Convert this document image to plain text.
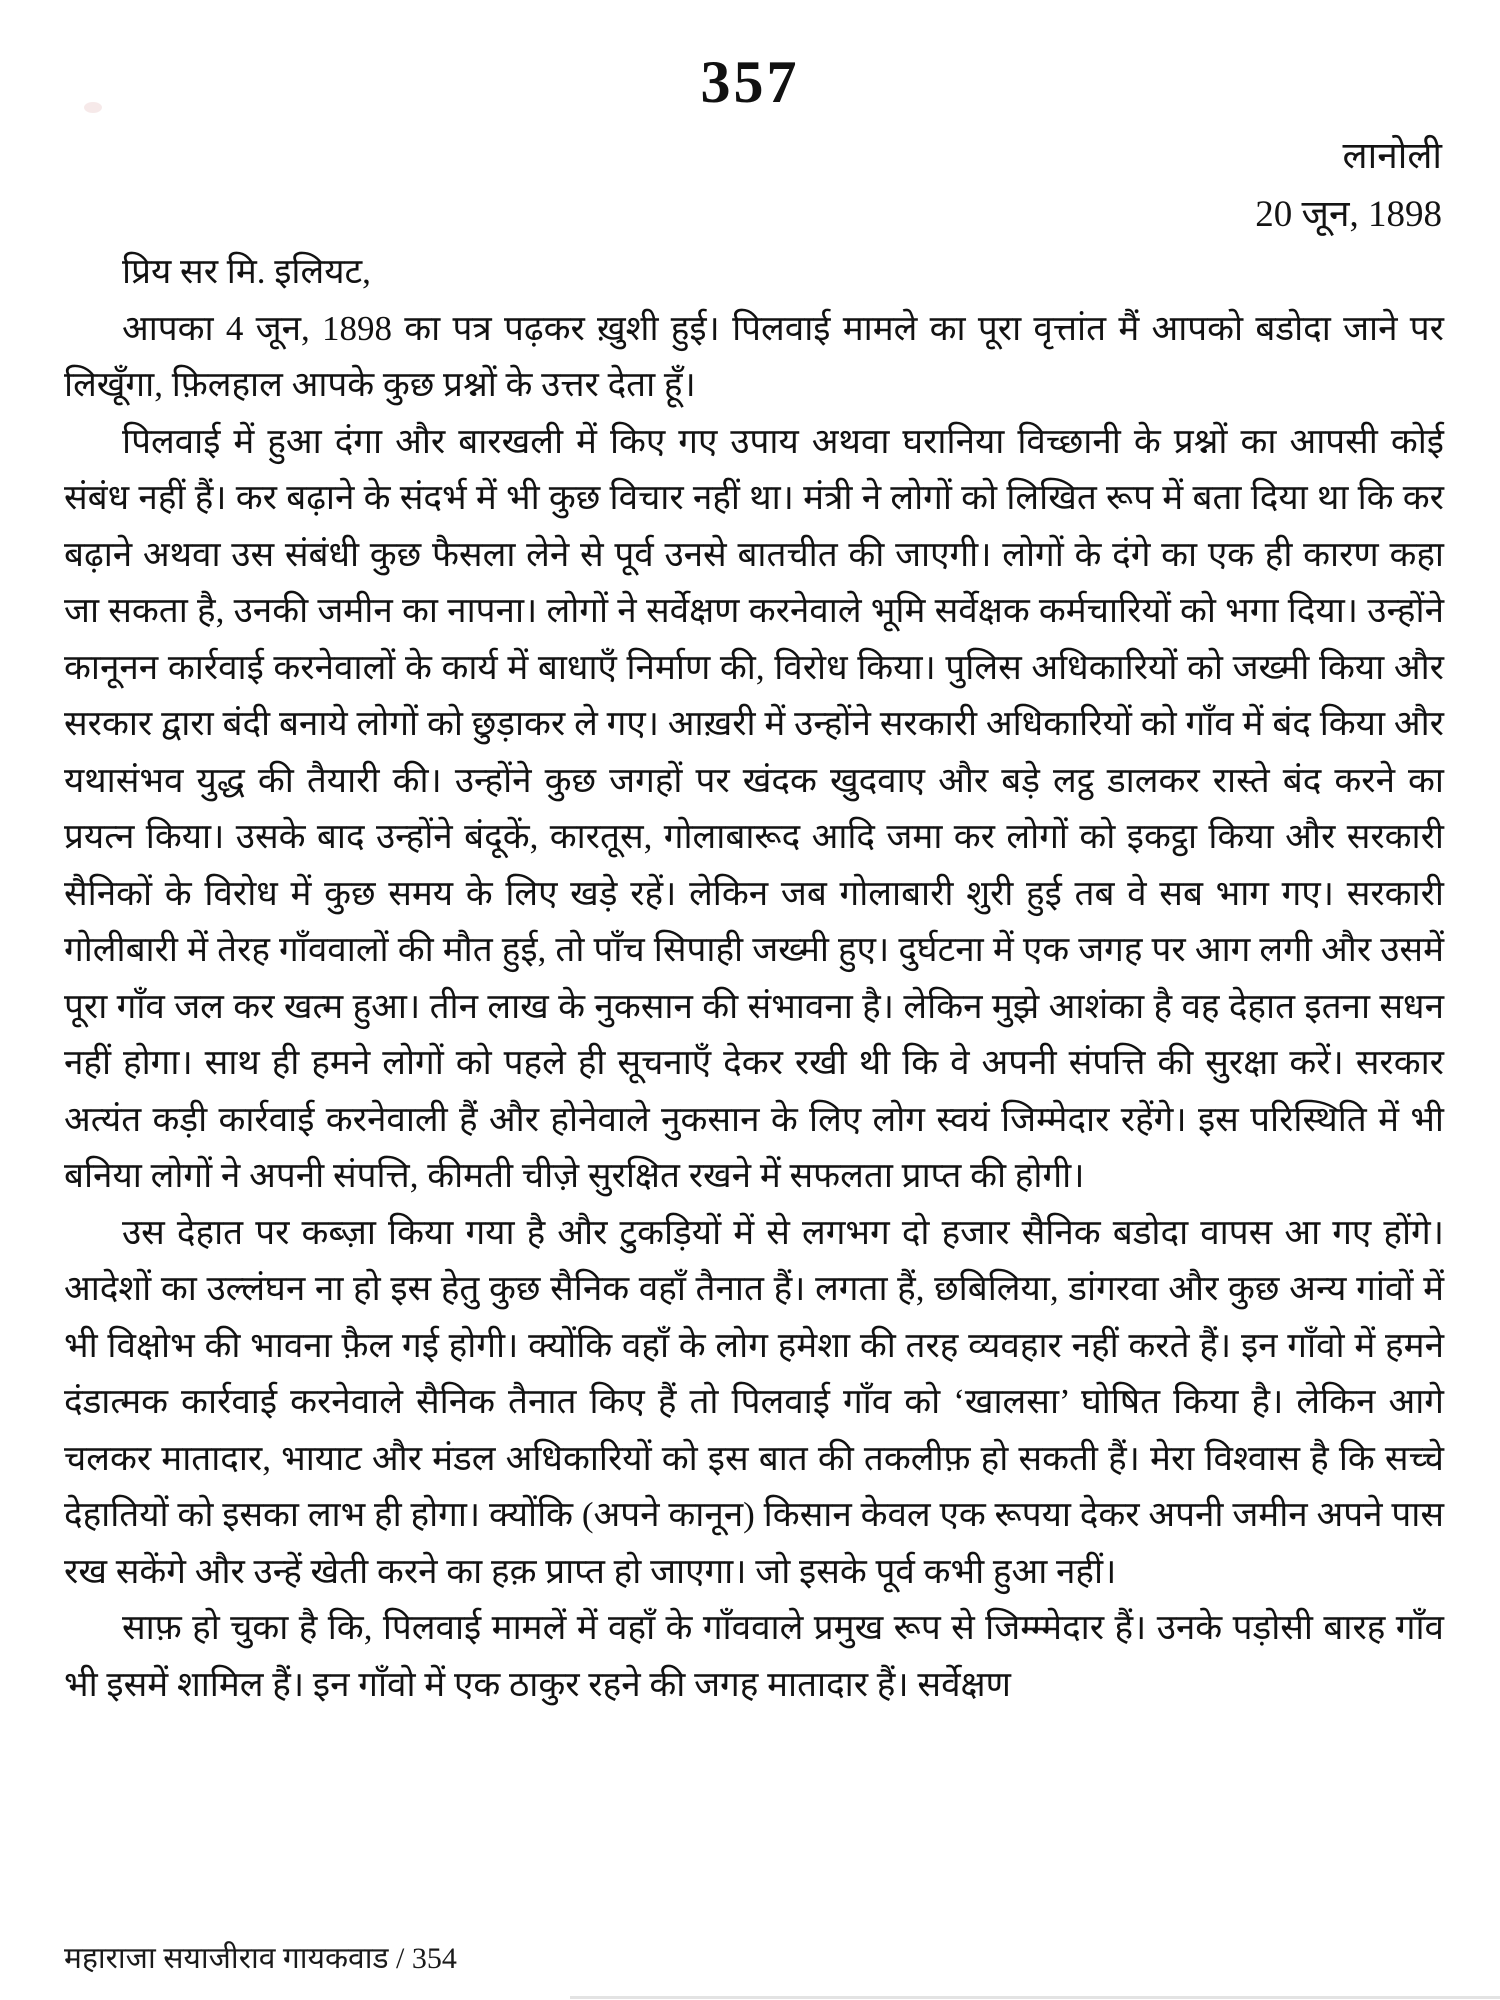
357
लानोली
20 जून, 1898
प्रिय सर मि. इलियट,

आपका 4 जून, 1898 का पत्र पढ़कर ख़ुशी हुई। पिलवाई मामले का पूरा वृत्तांत मैं आपको बडोदा जाने पर लिखूँगा, फ़िलहाल आपके कुछ प्रश्नों के उत्तर देता हूँ।

पिलवाई में हुआ दंगा और बारखली में किए गए उपाय अथवा घरानिया विच्छानी के प्रश्नों का आपसी कोई संबंध नहीं हैं। कर बढ़ाने के संदर्भ में भी कुछ विचार नहीं था। मंत्री ने लोगों को लिखित रूप में बता दिया था कि कर बढ़ाने अथवा उस संबंधी कुछ फैसला लेने से पूर्व उनसे बातचीत की जाएगी। लोगों के दंगे का एक ही कारण कहा जा सकता है, उनकी जमीन का नापना। लोगों ने सर्वेक्षण करनेवाले भूमि सर्वेक्षक कर्मचारियों को भगा दिया। उन्होंने कानूनन कार्रवाई करनेवालों के कार्य में बाधाएँ निर्माण की, विरोध किया। पुलिस अधिकारियों को जख्मी किया और सरकार द्वारा बंदी बनाये लोगों को छुड़ाकर ले गए। आख़री में उन्होंने सरकारी अधिकारियों को गाँव में बंद किया और यथासंभव युद्ध की तैयारी की। उन्होंने कुछ जगहों पर खंदक खुदवाए और बड़े लट्ठ डालकर रास्ते बंद करने का प्रयत्न किया। उसके बाद उन्होंने बंदूकें, कारतूस, गोलाबारूद आदि जमा कर लोगों को इकट्ठा किया और सरकारी सैनिकों के विरोध में कुछ समय के लिए खड़े रहें। लेकिन जब गोलाबारी शुरी हुई तब वे सब भाग गए। सरकारी गोलीबारी में तेरह गाँववालों की मौत हुई, तो पाँच सिपाही जख्मी हुए। दुर्घटना में एक जगह पर आग लगी और उसमें पूरा गाँव जल कर खत्म हुआ। तीन लाख के नुकसान की संभावना है। लेकिन मुझे आशंका है वह देहात इतना सधन नहीं होगा। साथ ही हमने लोगों को पहले ही सूचनाएँ देकर रखी थी कि वे अपनी संपत्ति की सुरक्षा करें। सरकार अत्यंत कड़ी कार्रवाई करनेवाली हैं और होनेवाले नुकसान के लिए लोग स्वयं जिम्मेदार रहेंगे। इस परिस्थिति में भी बनिया लोगों ने अपनी संपत्ति, कीमती चीज़े सुरक्षित रखने में सफलता प्राप्त की होगी।

उस देहात पर कब्ज़ा किया गया है और टुकड़ियों में से लगभग दो हजार सैनिक बडोदा वापस आ गए होंगे। आदेशों का उल्लंघन ना हो इस हेतु कुछ सैनिक वहाँ तैनात हैं। लगता हैं, छबिलिया, डांगरवा और कुछ अन्य गांवों में भी विक्षोभ की भावना फ़ैल गई होगी। क्योंकि वहाँ के लोग हमेशा की तरह व्यवहार नहीं करते हैं। इन गाँवो में हमने दंडात्मक कार्रवाई करनेवाले सैनिक तैनात किए हैं तो पिलवाई गाँव को ‘खालसा’ घोषित किया है। लेकिन आगे चलकर मातादार, भायाट और मंडल अधिकारियों को इस बात की तकलीफ़ हो सकती हैं। मेरा विश्वास है कि सच्चे देहातियों को इसका लाभ ही होगा। क्योंकि (अपने कानून) किसान केवल एक रूपया देकर अपनी जमीन अपने पास रख सकेंगे और उन्हें खेती करने का हक़ प्राप्त हो जाएगा। जो इसके पूर्व कभी हुआ नहीं।

साफ़ हो चुका है कि, पिलवाई मामलें में वहाँ के गाँववाले प्रमुख रूप से जिम्म्मेदार हैं। उनके पड़ोसी बारह गाँव भी इसमें शामिल हैं। इन गाँवो में एक ठाकुर रहने की जगह मातादार हैं। सर्वेक्षण

महाराजा सयाजीराव गायकवाड / 354
